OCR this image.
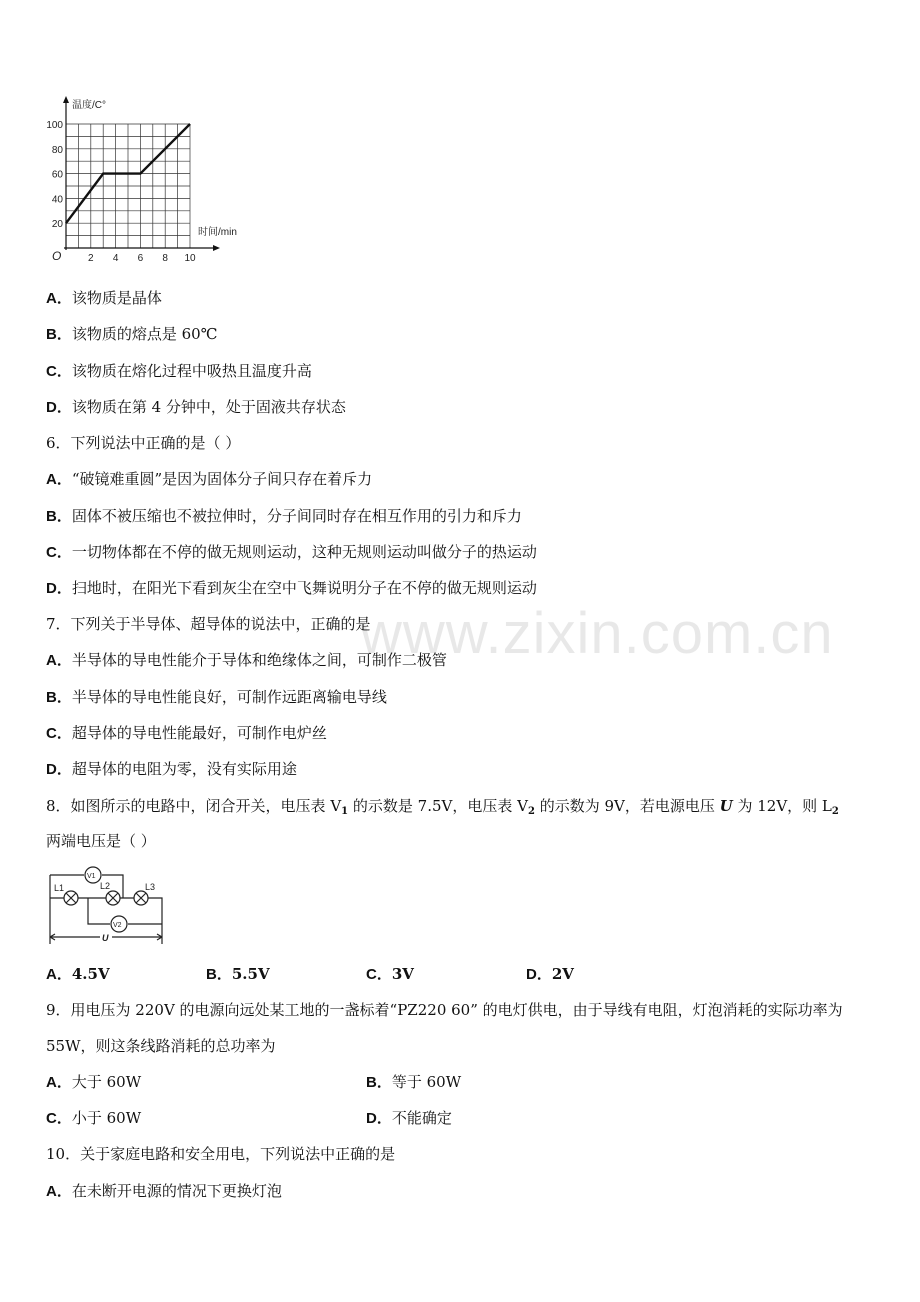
2 4 6 8 10
20
40
60
80
100
温度/C°
时间/min
O
A．该物质是晶体
B．该物质的熔点是 60℃
C．该物质在熔化过程中吸热且温度升高
D．该物质在第 4 分钟中，处于固液共存状态
6．下列说法中正确的是（ ）
A．“破镜难重圆”是因为固体分子间只存在着斥力
B．固体不被压缩也不被拉伸时，分子间同时存在相互作用的引力和斥力
C．一切物体都在不停的做无规则运动，这种无规则运动叫做分子的热运动
D．扫地时，在阳光下看到灰尘在空中飞舞说明分子在不停的做无规则运动
7．下列关于半导体、超导体的说法中，正确的是
A．半导体的导电性能介于导体和绝缘体之间，可制作二极管
B．半导体的导电性能良好，可制作远距离输电导线
C．超导体的导电性能最好，可制作电炉丝
D．超导体的电阻为零，没有实际用途
8．如图所示的电路中，闭合开关，电压表 $V_1$ 的示数是 7.5V，电压表 $V_2$ 的示数为 9V，若电源电压 U 为 12V，则 $L_2$
两端电压是（ ）
V1
V2
L1	L2	L3
U
A．4.5V	B．5.5V	C．3V	D．2V
9．用电压为 220V 的电源向远处某工地的一盏标着“PZ220 60” 的电灯供电，由于导线有电阻，灯泡消耗的实际功率为 55W，则这条线路消耗的总功率为
A．大于 60W	B．等于 60W
C．小于 60W	D．不能确定
10．关于家庭电路和安全用电，下列说法中正确的是
A．在未断开电源的情况下更换灯泡
www.zixin.com.cn
